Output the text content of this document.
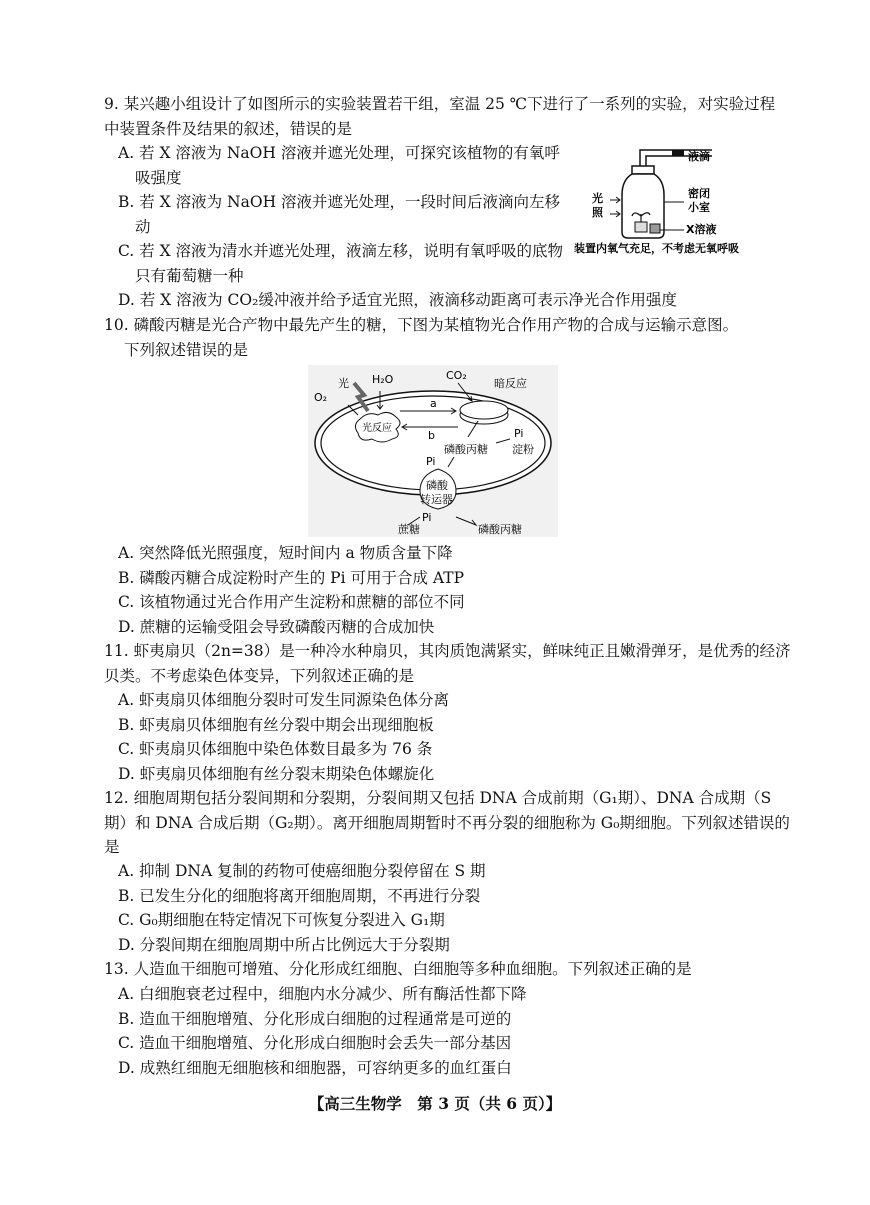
9. 某兴趣小组设计了如图所示的实验装置若干组，室温 25 ℃下进行了一系列的实验，对实验过程中装置条件及结果的叙述，错误的是
A. 若 X 溶液为 NaOH 溶液并遮光处理，可探究该植物的有氧呼吸强度
B. 若 X 溶液为 NaOH 溶液并遮光处理，一段时间后液滴向左移动
C. 若 X 溶液为清水并遮光处理，液滴左移，说明有氧呼吸的底物只有葡萄糖一种
D. 若 X 溶液为 CO₂缓冲液并给予适宜光照，液滴移动距离可表示净光合作用强度
液滴
光
照
密闭
小室
X溶液
装置内氧气充足，不考虑无氧呼吸
10. 磷酸丙糖是光合产物中最先产生的糖，下图为某植物光合作用产物的合成与运输示意图。
下列叙述错误的是
光
O₂
H₂O	CO₂
暗反应
a
b
光反应
磷酸丙糖
Pi
淀粉
Pi
磷酸
转运器
Pi
蔗糖	磷酸丙糖
A. 突然降低光照强度，短时间内 a 物质含量下降
B. 磷酸丙糖合成淀粉时产生的 Pi 可用于合成 ATP
C. 该植物通过光合作用产生淀粉和蔗糖的部位不同
D. 蔗糖的运输受阻会导致磷酸丙糖的合成加快
11. 虾夷扇贝（2n=38）是一种冷水种扇贝，其肉质饱满紧实，鲜味纯正且嫩滑弹牙，是优秀的经济贝类。不考虑染色体变异，下列叙述正确的是
A. 虾夷扇贝体细胞分裂时可发生同源染色体分离
B. 虾夷扇贝体细胞有丝分裂中期会出现细胞板
C. 虾夷扇贝体细胞中染色体数目最多为 76 条
D. 虾夷扇贝体细胞有丝分裂末期染色体螺旋化
12. 细胞周期包括分裂间期和分裂期，分裂间期又包括 DNA 合成前期（G₁期）、DNA 合成期（S 期）和 DNA 合成后期（G₂期）。离开细胞周期暂时不再分裂的细胞称为 G₀期细胞。下列叙述错误的是
A. 抑制 DNA 复制的药物可使癌细胞分裂停留在 S 期
B. 已发生分化的细胞将离开细胞周期，不再进行分裂
C. G₀期细胞在特定情况下可恢复分裂进入 G₁期
D. 分裂间期在细胞周期中所占比例远大于分裂期
13. 人造血干细胞可增殖、分化形成红细胞、白细胞等多种血细胞。下列叙述正确的是
A. 白细胞衰老过程中，细胞内水分减少、所有酶活性都下降
B. 造血干细胞增殖、分化形成白细胞的过程通常是可逆的
C. 造血干细胞增殖、分化形成白细胞时会丢失一部分基因
D. 成熟红细胞无细胞核和细胞器，可容纳更多的血红蛋白
【高三生物学　第 3 页（共 6 页）】
